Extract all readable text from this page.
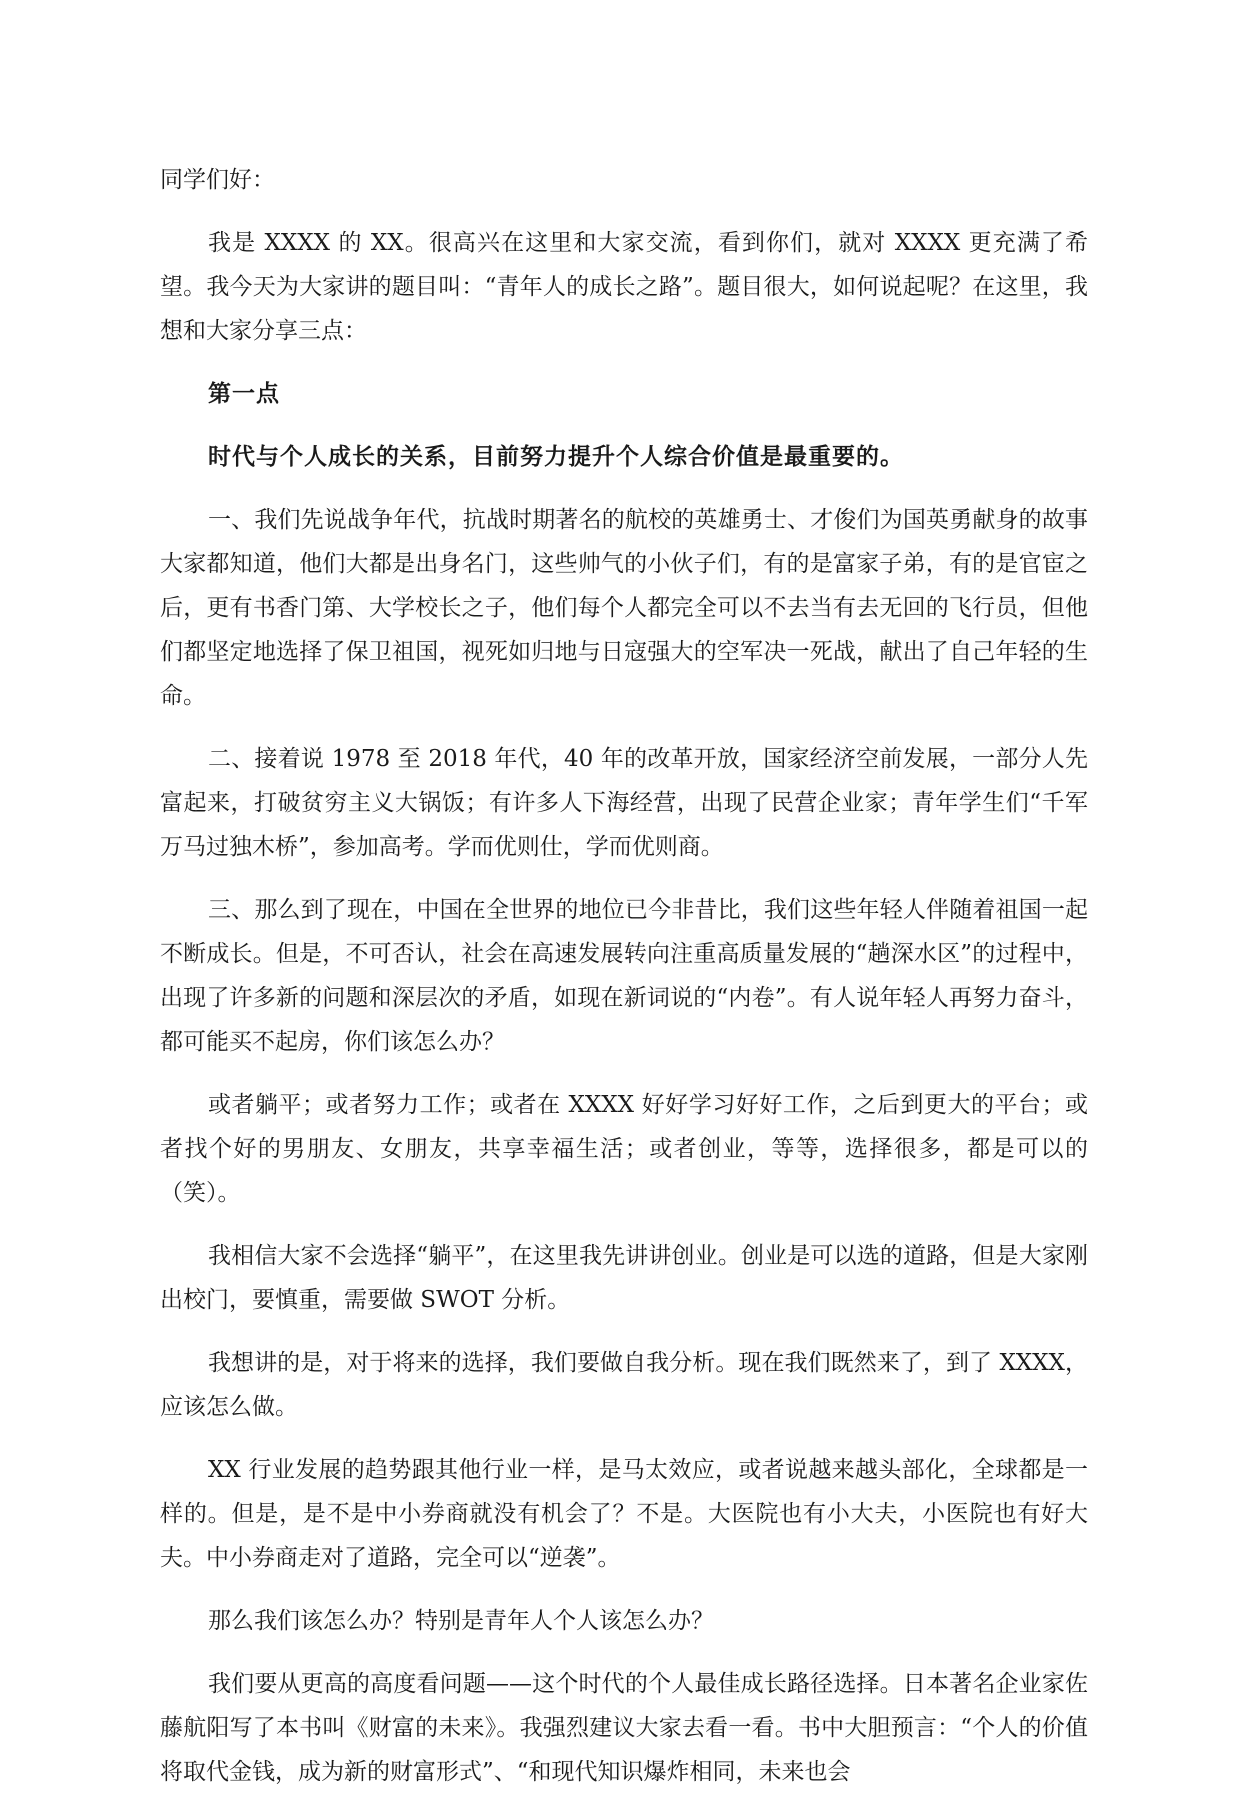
同学们好：

我是 XXXX 的 XX。很高兴在这里和大家交流，看到你们，就对 XXXX 更充满了希望。我今天为大家讲的题目叫：“青年人的成长之路”。题目很大，如何说起呢？在这里，我想和大家分享三点：

第一点

时代与个人成长的关系，目前努力提升个人综合价值是最重要的。

一、我们先说战争年代，抗战时期著名的航校的英雄勇士、才俊们为国英勇献身的故事大家都知道，他们大都是出身名门，这些帅气的小伙子们，有的是富家子弟，有的是官宦之后，更有书香门第、大学校长之子，他们每个人都完全可以不去当有去无回的飞行员，但他们都坚定地选择了保卫祖国，视死如归地与日寇强大的空军决一死战，献出了自己年轻的生命。

二、接着说 1978 至 2018 年代，40 年的改革开放，国家经济空前发展，一部分人先富起来，打破贫穷主义大锅饭；有许多人下海经营，出现了民营企业家；青年学生们“千军万马过独木桥”，参加高考。学而优则仕，学而优则商。

三、那么到了现在，中国在全世界的地位已今非昔比，我们这些年轻人伴随着祖国一起不断成长。但是，不可否认，社会在高速发展转向注重高质量发展的“趟深水区”的过程中，出现了许多新的问题和深层次的矛盾，如现在新词说的“内卷”。有人说年轻人再努力奋斗，都可能买不起房，你们该怎么办？

或者躺平；或者努力工作；或者在 XXXX 好好学习好好工作，之后到更大的平台；或者找个好的男朋友、女朋友，共享幸福生活；或者创业，等等，选择很多，都是可以的（笑）。

我相信大家不会选择“躺平”，在这里我先讲讲创业。创业是可以选的道路，但是大家刚出校门，要慎重，需要做 SWOT 分析。

我想讲的是，对于将来的选择，我们要做自我分析。现在我们既然来了，到了 XXXX，应该怎么做。

XX 行业发展的趋势跟其他行业一样，是马太效应，或者说越来越头部化，全球都是一样的。但是，是不是中小券商就没有机会了？不是。大医院也有小大夫，小医院也有好大夫。中小券商走对了道路，完全可以“逆袭”。

那么我们该怎么办？特别是青年人个人该怎么办？

我们要从更高的高度看问题——这个时代的个人最佳成长路径选择。日本著名企业家佐藤航阳写了本书叫《财富的未来》。我强烈建议大家去看一看。书中大胆预言：“个人的价值将取代金钱，成为新的财富形式”、“和现代知识爆炸相同，未来也会
